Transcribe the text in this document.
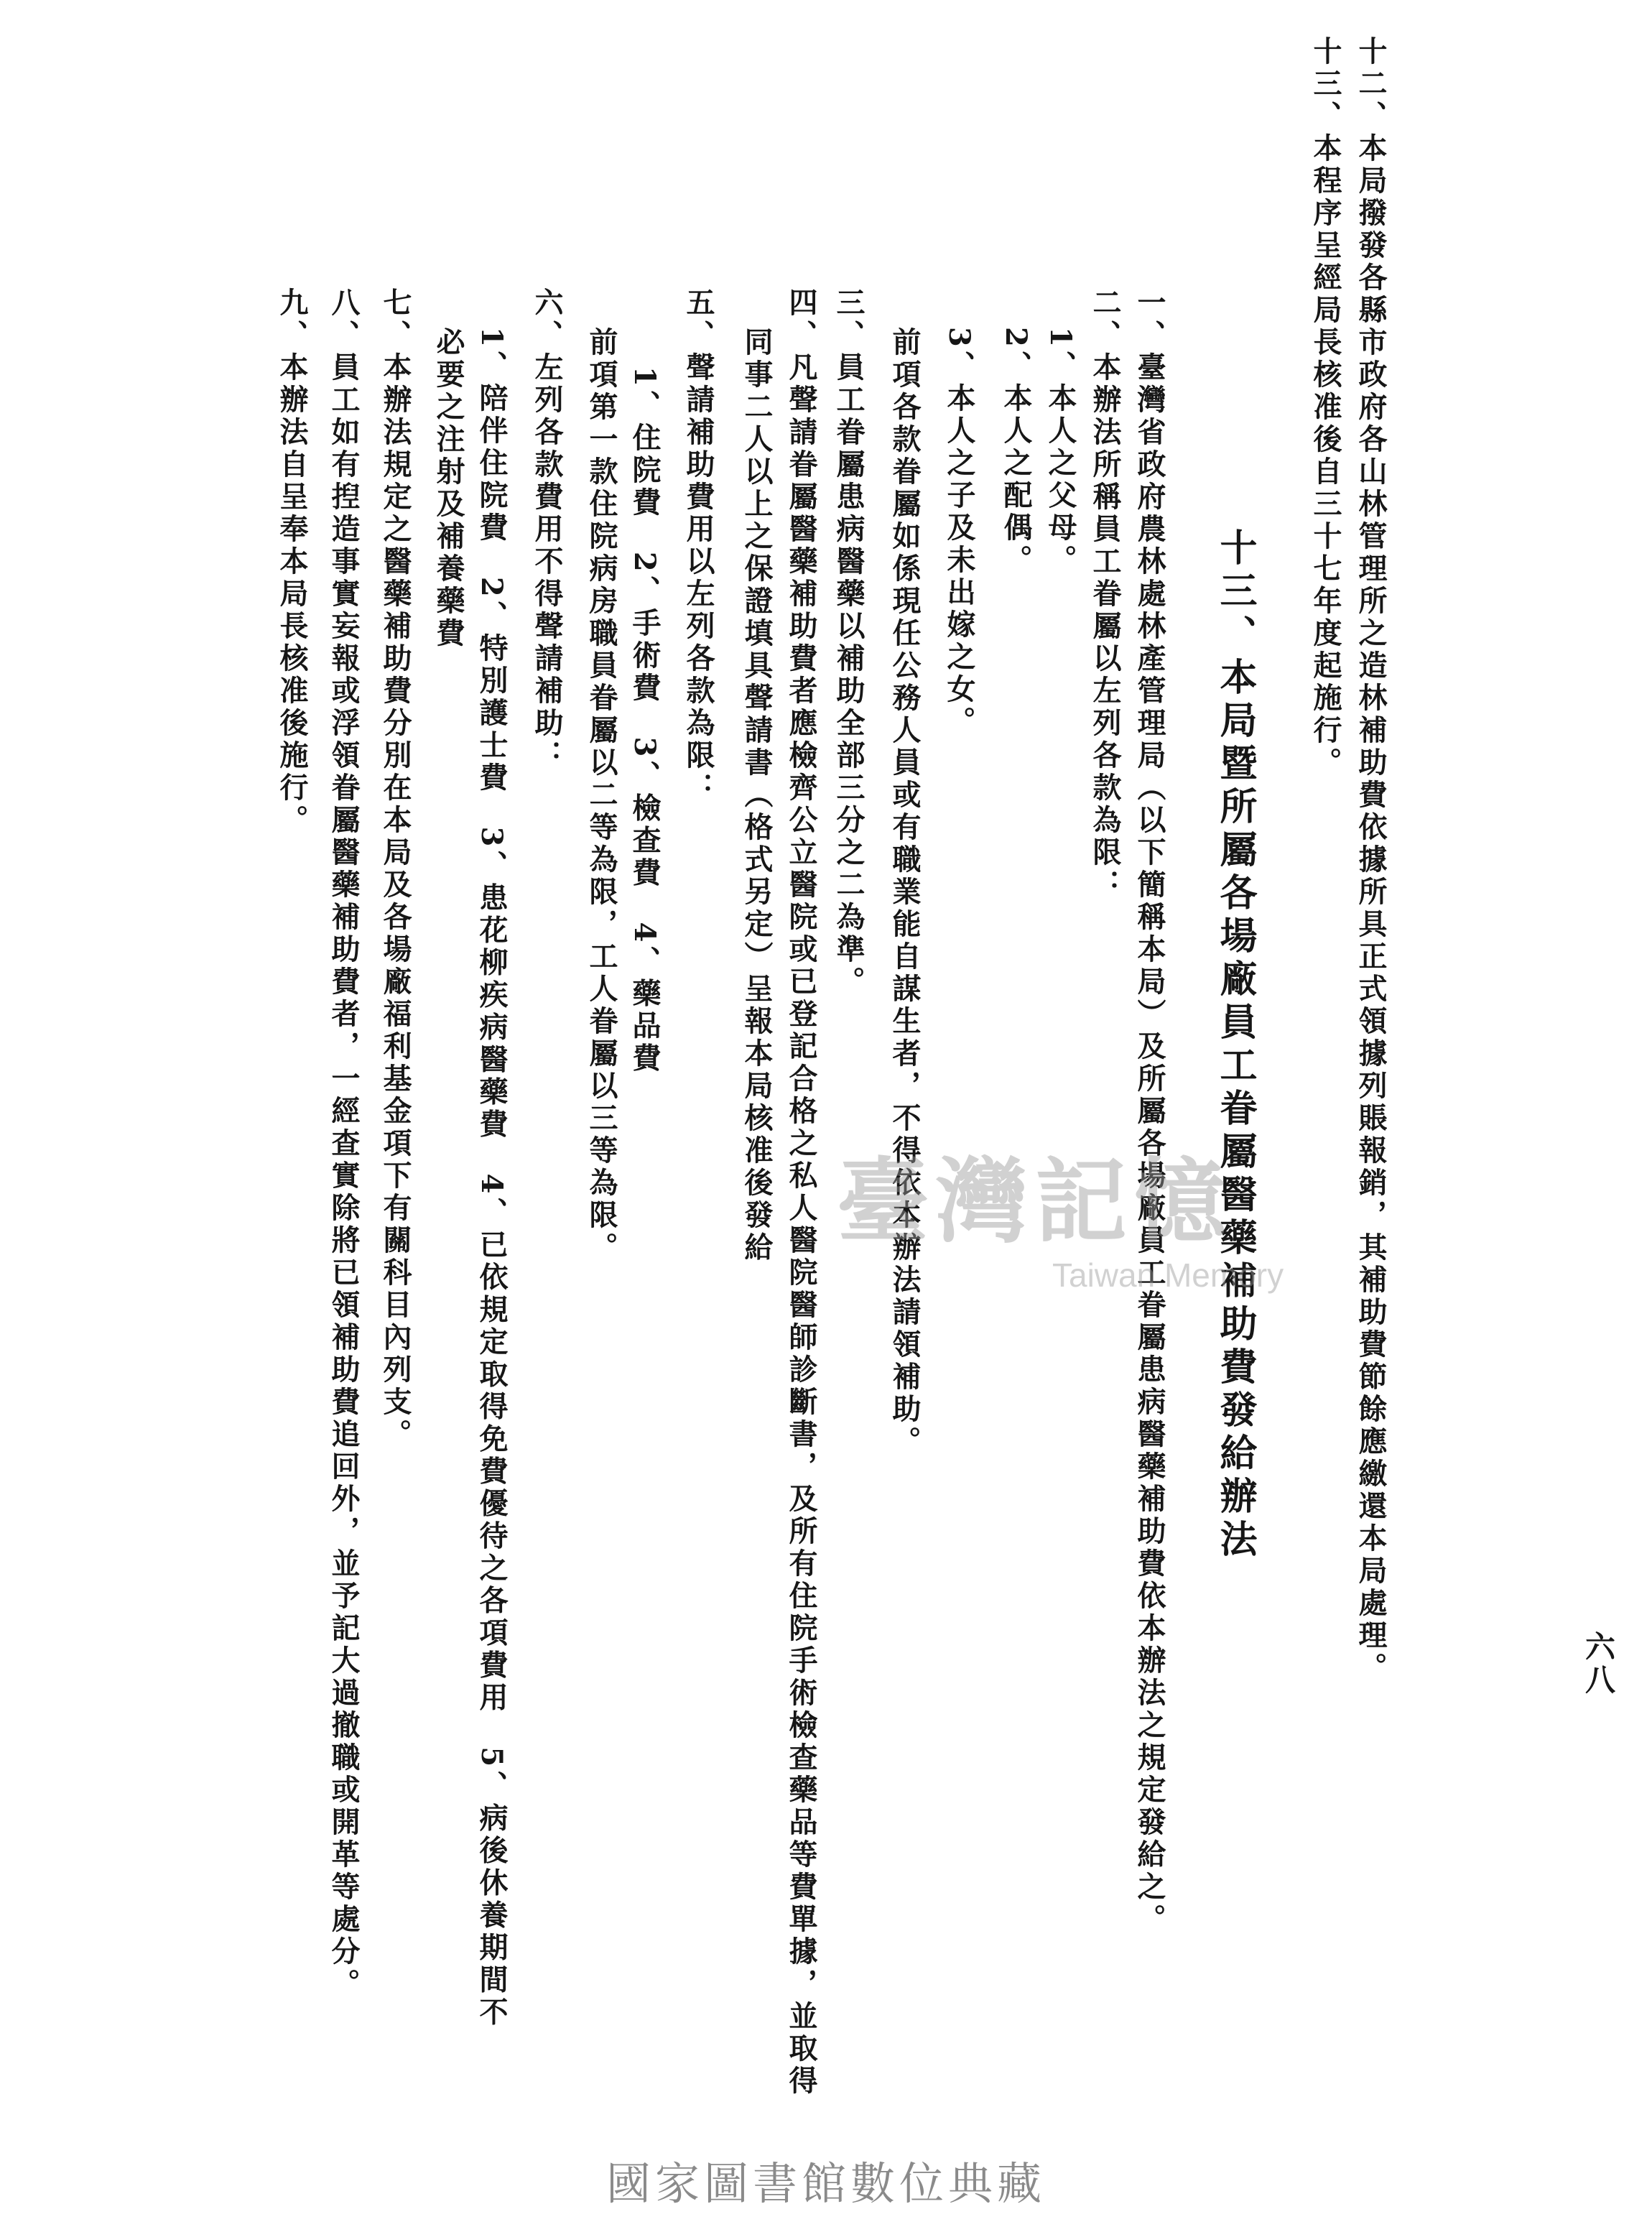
六八
十二、本局撥發各縣市政府各山林管理所之造林補助費依據所具正式領據列賬報銷，其補助費節餘應繳還本局處理。
十三、本程序呈經局長核准後自三十七年度起施行。
十三、本局暨所屬各場廠員工眷屬醫藥補助費發給辦法
一、臺灣省政府農林處林產管理局（以下簡稱本局）及所屬各場廠員工眷屬患病醫藥補助費依本辦法之規定發給之。
二、本辦法所稱員工眷屬以左列各款為限：
1、本人之父母。
2、本人之配偶。
3、本人之子及未出嫁之女。
前項各款眷屬如係現任公務人員或有職業能自謀生者，不得依本辦法請領補助。
三、員工眷屬患病醫藥以補助全部三分之二為準。
四、凡聲請眷屬醫藥補助費者應檢齊公立醫院或已登記合格之私人醫院醫師診斷書，及所有住院手術檢查藥品等費單據，並取得
同事二人以上之保證填具聲請書（格式另定）呈報本局核准後發給
五、聲請補助費用以左列各款為限：
1、住院費　2、手術費　3、檢查費　4、藥品費
前項第一款住院病房職員眷屬以二等為限，工人眷屬以三等為限。
六、左列各款費用不得聲請補助：
1、陪伴住院費　2、特別護士費　3、患花柳疾病醫藥費　4、已依規定取得免費優待之各項費用　5、病後休養期間不
必要之注射及補養藥費
七、本辦法規定之醫藥補助費分別在本局及各場廠福利基金項下有關科目內列支。
八、員工如有揑造事實妄報或浮領眷屬醫藥補助費者，一經查實除將已領補助費追回外，並予記大過撤職或開革等處分。
九、本辦法自呈奉本局長核准後施行。
臺灣記憶
Taiwan Memory
國家圖書館數位典藏
